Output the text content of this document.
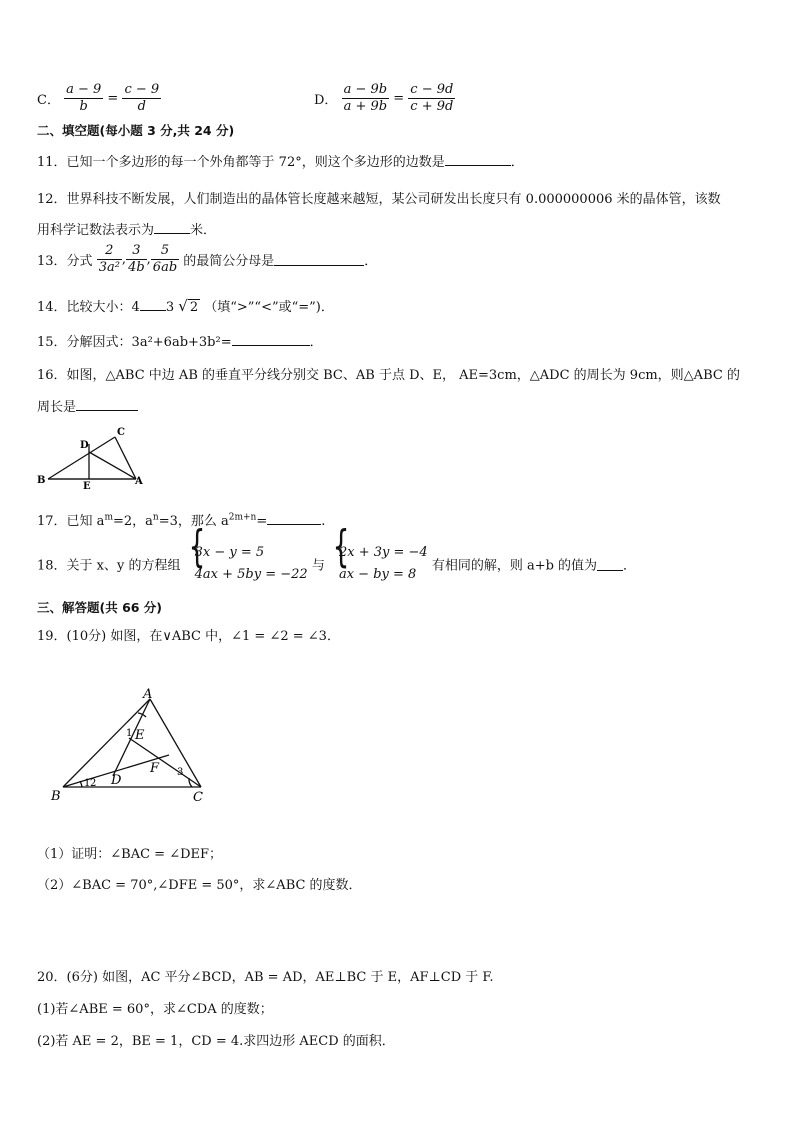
C． $\frac{a - 9}{b} = \frac{c - 9}{d}$	D． $\frac{a - 9b}{a + 9b} = \frac{c - 9d}{c + 9d}$
二、填空题(每小题 3 分,共 24 分)
11．已知一个多边形的每一个外角都等于 72°，则这个多边形的边数是	．
12．世界科技不断发展，人们制造出的晶体管长度越来越短，某公司研发出长度只有 0.000000006 米的晶体管，该数
用科学记数法表示为	米．
13．分式 $\frac{2}{\text{3a²}}$ , $\frac{3}{4b}$ , $\frac{5}{6ab}$ 的最简公分母是	．
14．比较大小：4 3 √ 2 （填“>”“<”或“=”)．
15．分解因式：3a²+6ab+3b²=	．
16．如图，△ABC 中边 AB 的垂直平分线分别交 BC、AB 于点 D、E， AE=3cm，△ADC 的周长为 9cm，则△ABC 的
周长是
B
C
D
E	A
17．已知 $a^m=2$，$a^n=3$，那么 $a^{2m+n}=$	.
18．关于 x、y 的方程组
{ 3x − y = 5
4ax + 5by = −22
与
{ 2x + 3y = −4
ax − by = 8
有相同的解，则 a+b 的值为 ．
三、解答题(共 66 分)
19．(10分) 如图，在∨ABC 中，∠1 = ∠2 = ∠3．
A
B	C
D
E
F
1
1 2
3
（1）证明：∠BAC = ∠DEF；
（2）∠BAC = 70°,∠DFE = 50°，求∠ABC 的度数．
20．(6分) 如图，AC 平分∠BCD，AB = AD，AE⊥BC 于 E，AF⊥CD 于 F.
(1)若∠ABE = 60°，求∠CDA 的度数；
(2)若 AE = 2，BE = 1，CD = 4.求四边形 AECD 的面积．
